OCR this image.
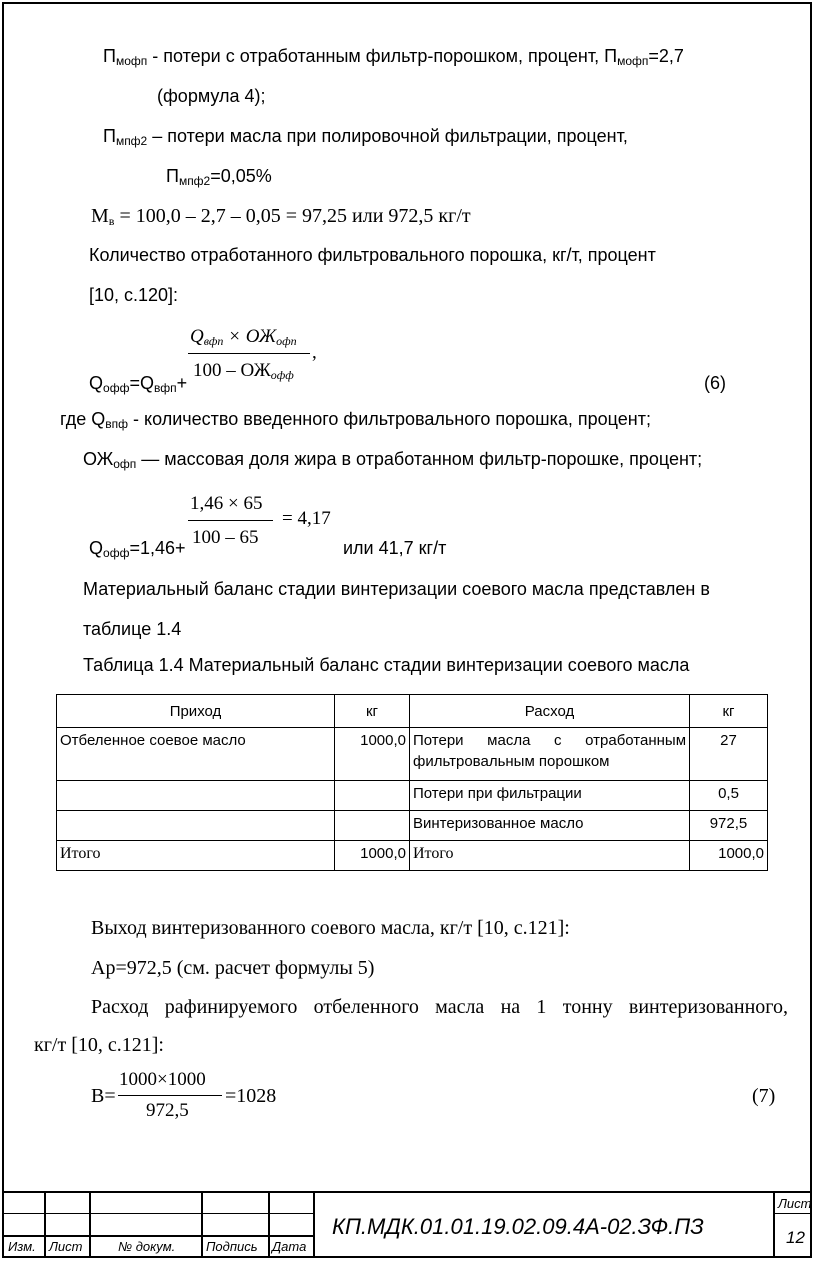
$П_{мофп}$ - потери с отработанным фильтр-порошком, процент, $П_{мофп}=2,7$
(формула 4);
$П_{мпф2}$ – потери масла при полировочной фильтрации, процент,
$П_{мпф2}=0,05\%$
$М_в = 100,0 - 2,7 - 0,05 = 97,25$ или 972,5 кг/т
Количество отработанного фильтровального порошка, кг/т, процент
[10, с.120]:
$Q_{вфп} \times ОЖ_{офп}$
,
$100 - ОЖ_{офф}$
$Q_{офф}=Q_{вфп}+$	(6)
где $Q_{впф}$ - количество введенного фильтровального порошка, процент;
$ОЖ_{офп}$ — массовая доля жира в отработанном фильтр-порошке, процент;
1,46 × 65
= 4,17
100 – 65
$Q_{офф}=1,46+$	или 41,7 кг/т
Материальный баланс стадии винтеризации соевого масла представлен в
таблице 1.4
Таблица 1.4 Материальный баланс стадии винтеризации соевого масла
Приход	кг	Расход	кг
Отбеленное соевое масло	1000,0	Потери масла с отработанным фильтровальным порошком	27
		Потери при фильтрации	0,5
		Винтеризованное масло	972,5
Итого	1000,0	Итого	1000,0
Выход винтеризованного соевого масла, кг/т [10, с.121]:
Ар=972,5 (см. расчет формулы 5)
Расход рафинируемого отбеленного масла на 1 тонну винтеризованного,
кг/т [10, с.121]:
1000×1000
В=	=1028
972,5
(7)
Изм. Лист	№ докум. Подпись Дата
КП.МДК.01.01.19.02.09.4А-02.ЗФ.ПЗ
Лист
12
